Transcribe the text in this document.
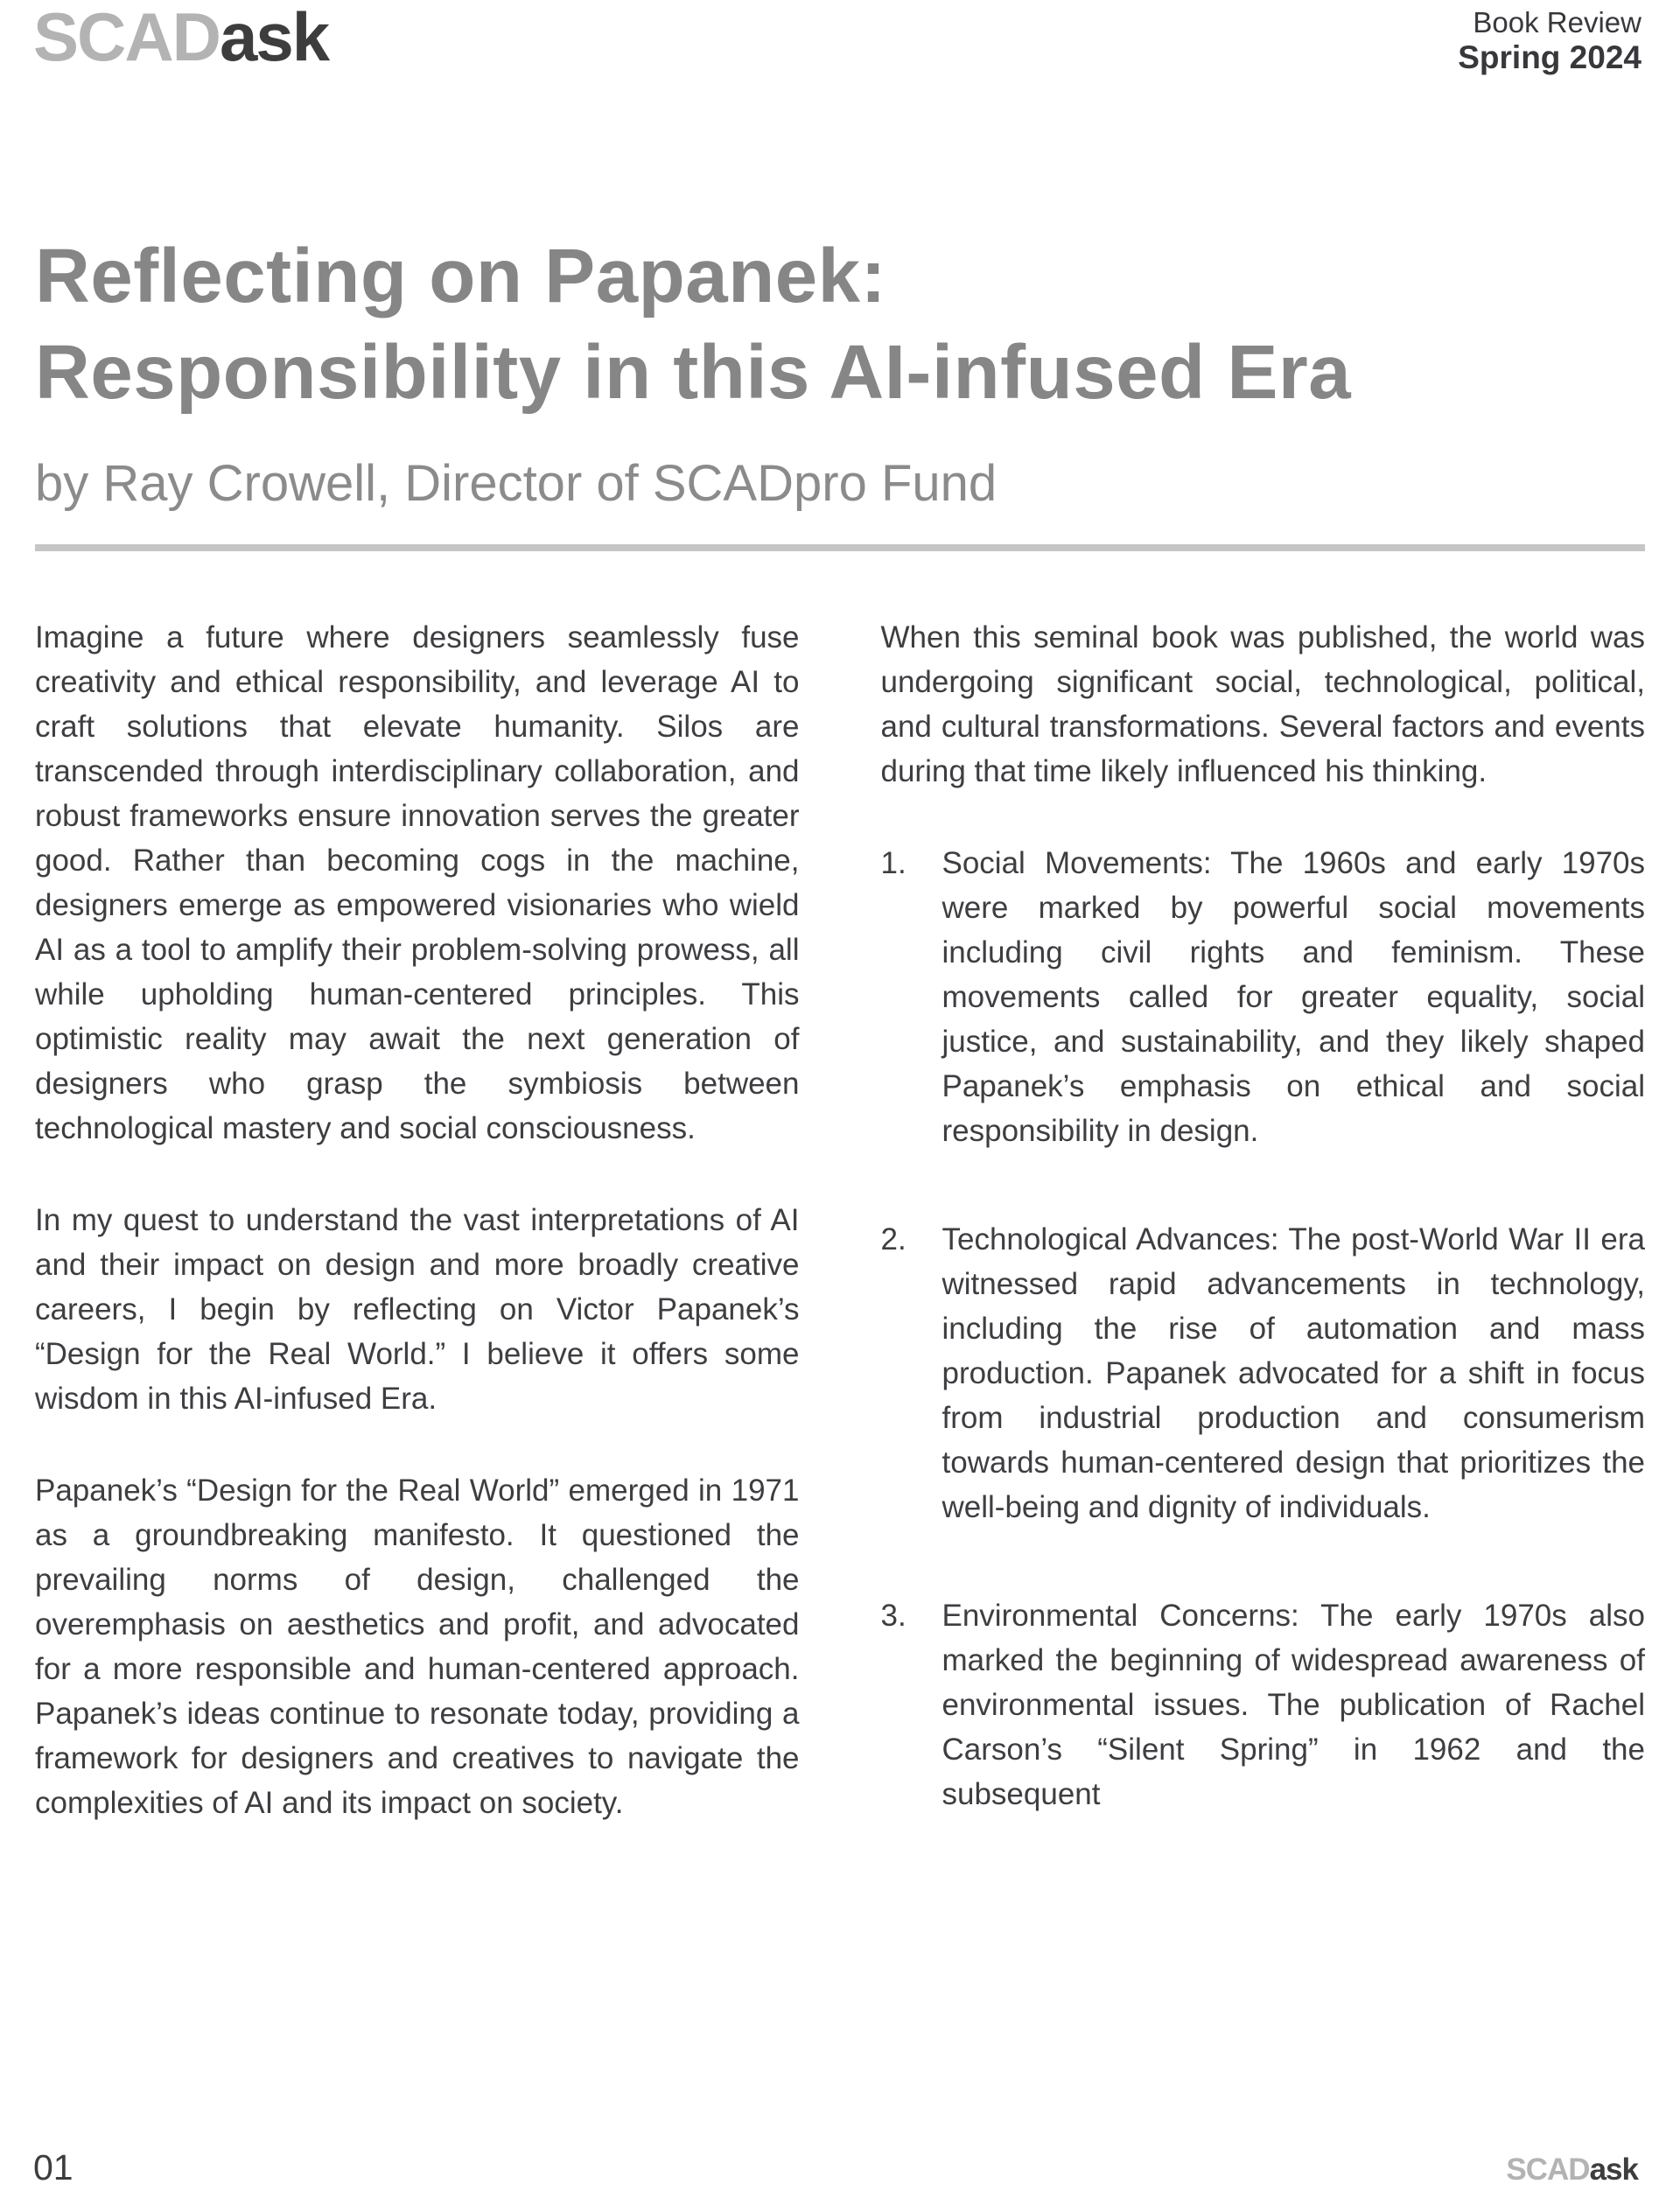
SCADask	Book Review
Spring 2024
Reflecting on Papanek:
Responsibility in this AI-infused Era
by Ray Crowell, Director of SCADpro Fund

Imagine a future where designers seamlessly fuse creativity and ethical responsibility, and leverage AI to craft solutions that elevate humanity. Silos are transcended through interdisciplinary collaboration, and robust frameworks ensure innovation serves the greater good. Rather than becoming cogs in the machine, designers emerge as empowered visionaries who wield AI as a tool to amplify their problem-solving prowess, all while upholding human-centered principles. This optimistic reality may await the next generation of designers who grasp the symbiosis between technological mastery and social consciousness.

In my quest to understand the vast interpretations of AI and their impact on design and more broadly creative careers, I begin by reflecting on Victor Papanek’s “Design for the Real World.” I believe it offers some wisdom in this AI-infused Era.

Papanek’s “Design for the Real World” emerged in 1971 as a groundbreaking manifesto. It questioned the prevailing norms of design, challenged the overemphasis on aesthetics and profit, and advocated for a more responsible and human-centered approach. Papanek’s ideas continue to resonate today, providing a framework for designers and creatives to navigate the complexities of AI and its impact on society.

When this seminal book was published, the world was undergoing significant social, technological, political, and cultural transformations. Several factors and events during that time likely influenced his thinking.

1.	Social Movements: The 1960s and early 1970s were marked by powerful social movements including civil rights and feminism. These movements called for greater equality, social justice, and sustainability, and they likely shaped Papanek’s emphasis on ethical and social responsibility in design.
2.	Technological Advances: The post-World War II era witnessed rapid advancements in technology, including the rise of automation and mass production. Papanek advocated for a shift in focus from industrial production and consumerism towards human-centered design that prioritizes the well-being and dignity of individuals.
3.	Environmental Concerns: The early 1970s also marked the beginning of widespread awareness of environmental issues. The publication of Rachel Carson’s “Silent Spring” in 1962 and the subsequent
01	SCADask
